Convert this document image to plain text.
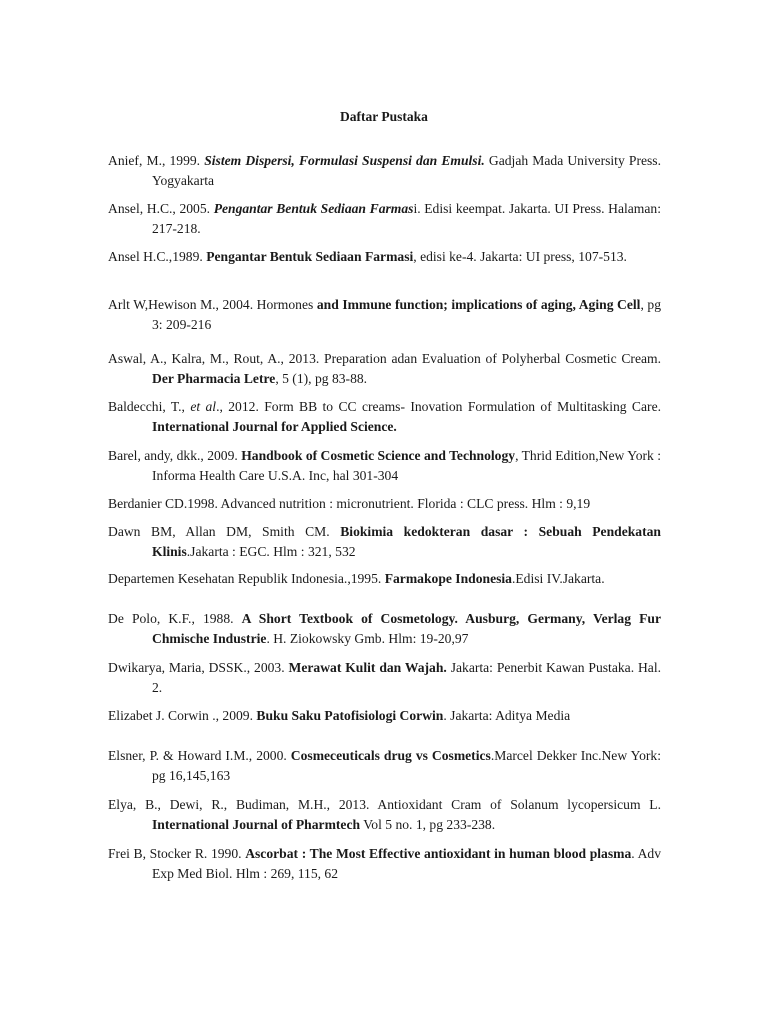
Daftar Pustaka
Anief, M., 1999. Sistem Dispersi, Formulasi Suspensi dan Emulsi. Gadjah Mada University Press. Yogyakarta
Ansel, H.C., 2005. Pengantar Bentuk Sediaan Farmasi. Edisi keempat. Jakarta. UI Press. Halaman: 217-218.
Ansel H.C.,1989. Pengantar Bentuk Sediaan Farmasi, edisi ke-4. Jakarta: UI press, 107-513.
Arlt W,Hewison M., 2004. Hormones and Immune function; implications of aging, Aging Cell, pg 3: 209-216
Aswal, A., Kalra, M., Rout, A., 2013. Preparation adan Evaluation of Polyherbal Cosmetic Cream. Der Pharmacia Letre, 5 (1), pg 83-88.
Baldecchi, T., et al., 2012. Form BB to CC creams- Inovation Formulation of Multitasking Care. International Journal for Applied Science.
Barel, andy, dkk., 2009. Handbook of Cosmetic Science and Technology, Thrid Edition,New York : Informa Health Care U.S.A. Inc, hal 301-304
Berdanier CD.1998. Advanced nutrition : micronutrient. Florida : CLC press. Hlm : 9,19
Dawn BM, Allan DM, Smith CM. Biokimia kedokteran dasar : Sebuah Pendekatan Klinis.Jakarta : EGC. Hlm : 321, 532
Departemen Kesehatan Republik Indonesia.,1995. Farmakope Indonesia.Edisi IV.Jakarta.
De Polo, K.F., 1988. A Short Textbook of Cosmetology. Ausburg, Germany, Verlag Fur Chmische Industrie. H. Ziokowsky Gmb. Hlm: 19-20,97
Dwikarya, Maria, DSSK., 2003. Merawat Kulit dan Wajah. Jakarta: Penerbit Kawan Pustaka. Hal. 2.
Elizabet J. Corwin ., 2009. Buku Saku Patofisiologi Corwin. Jakarta: Aditya Media
Elsner, P. & Howard I.M., 2000. Cosmeceuticals drug vs Cosmetics.Marcel Dekker Inc.New York: pg 16,145,163
Elya, B., Dewi, R., Budiman, M.H., 2013. Antioxidant Cram of Solanum lycopersicum L. International Journal of Pharmtech Vol 5 no. 1, pg 233-238.
Frei B, Stocker R. 1990. Ascorbat : The Most Effective antioxidant in human blood plasma. Adv Exp Med Biol. Hlm : 269, 115, 62
